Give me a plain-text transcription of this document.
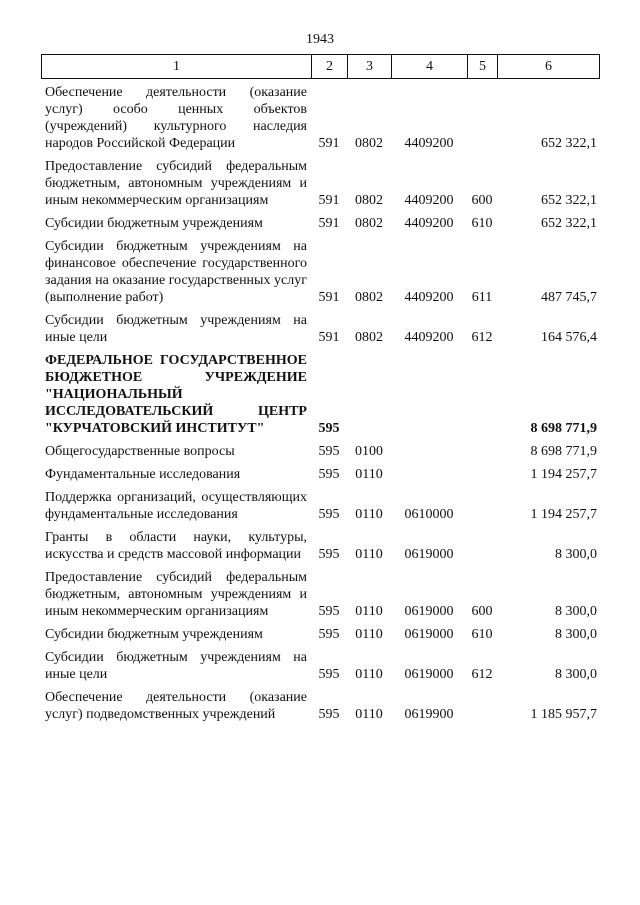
1943
1	2	3	4	5	6
Обеспечение деятельности (оказание услуг) особо ценных объектов (учреждений) культурного наследия народов Российской Федерации	591	0802	4409200		652 322,1

Предоставление субсидий федеральным бюджетным, автономным учреждениям и иным некоммерческим организациям	591	0802	4409200	600	652 322,1

Субсидии бюджетным учреждениям	591	0802	4409200	610	652 322,1

Субсидии бюджетным учреждениям на финансовое обеспечение государственного задания на оказание государственных услуг (выполнение работ)	591	0802	4409200	611	487 745,7

Субсидии бюджетным учреждениям на иные цели	591	0802	4409200	612	164 576,4

ФЕДЕРАЛЬНОЕ ГОСУДАРСТВЕННОЕ БЮДЖЕТНОЕ УЧРЕЖДЕНИЕ "НАЦИОНАЛЬНЫЙ ИССЛЕДОВАТЕЛЬСКИЙ ЦЕНТР "КУРЧАТОВСКИЙ ИНСТИТУТ"	595				8 698 771,9

Общегосударственные вопросы	595	0100			8 698 771,9

Фундаментальные исследования	595	0110			1 194 257,7

Поддержка организаций, осуществляющих фундаментальные исследования	595	0110	0610000		1 194 257,7

Гранты в области науки, культуры, искусства и средств массовой информации	595	0110	0619000		8 300,0

Предоставление субсидий федеральным бюджетным, автономным учреждениям и иным некоммерческим организациям	595	0110	0619000	600	8 300,0

Субсидии бюджетным учреждениям	595	0110	0619000	610	8 300,0

Субсидии бюджетным учреждениям на иные цели	595	0110	0619000	612	8 300,0

Обеспечение деятельности (оказание услуг) подведомственных учреждений	595	0110	0619900		1 185 957,7
